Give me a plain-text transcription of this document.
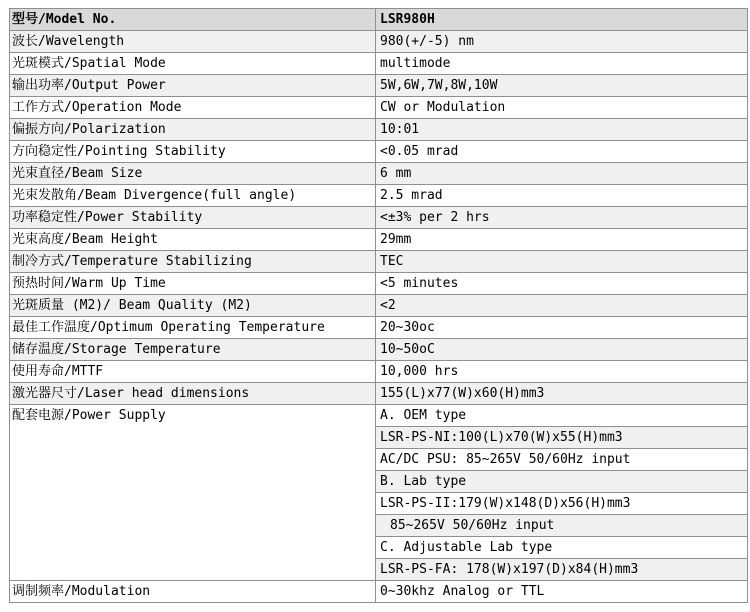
型号/Model No.	LSR980H
波长/Wavelength	980(+/-5) nm
光斑模式/Spatial Mode	multimode
输出功率/Output Power	5W,6W,7W,8W,10W
工作方式/Operation Mode	CW or Modulation
偏振方向/Polarization	10:01
方向稳定性/Pointing Stability	<0.05 mrad
光束直径/Beam Size	6 mm
光束发散角/Beam Divergence(full angle)	2.5 mrad
功率稳定性/Power Stability	<±3% per 2 hrs
光束高度/Beam Height	29mm
制冷方式/Temperature Stabilizing	TEC
预热时间/Warm Up Time	<5 minutes
光斑质量 (M2)/ Beam Quality (M2)	<2
最佳工作温度/Optimum Operating Temperature	20~30oc
储存温度/Storage Temperature	10~50oC
使用寿命/MTTF	10,000 hrs
激光器尺寸/Laser head dimensions	155(L)x77(W)x60(H)mm3
配套电源/Power Supply	A. OEM type
	LSR-PS-NI:100(L)x70(W)x55(H)mm3
	AC/DC PSU: 85~265V 50/60Hz input
	B. Lab type
	LSR-PS-II:179(W)x148(D)x56(H)mm3
	85~265V 50/60Hz input
	C. Adjustable Lab type
	LSR-PS-FA: 178(W)x197(D)x84(H)mm3
调制频率/Modulation	0~30khz Analog or TTL
